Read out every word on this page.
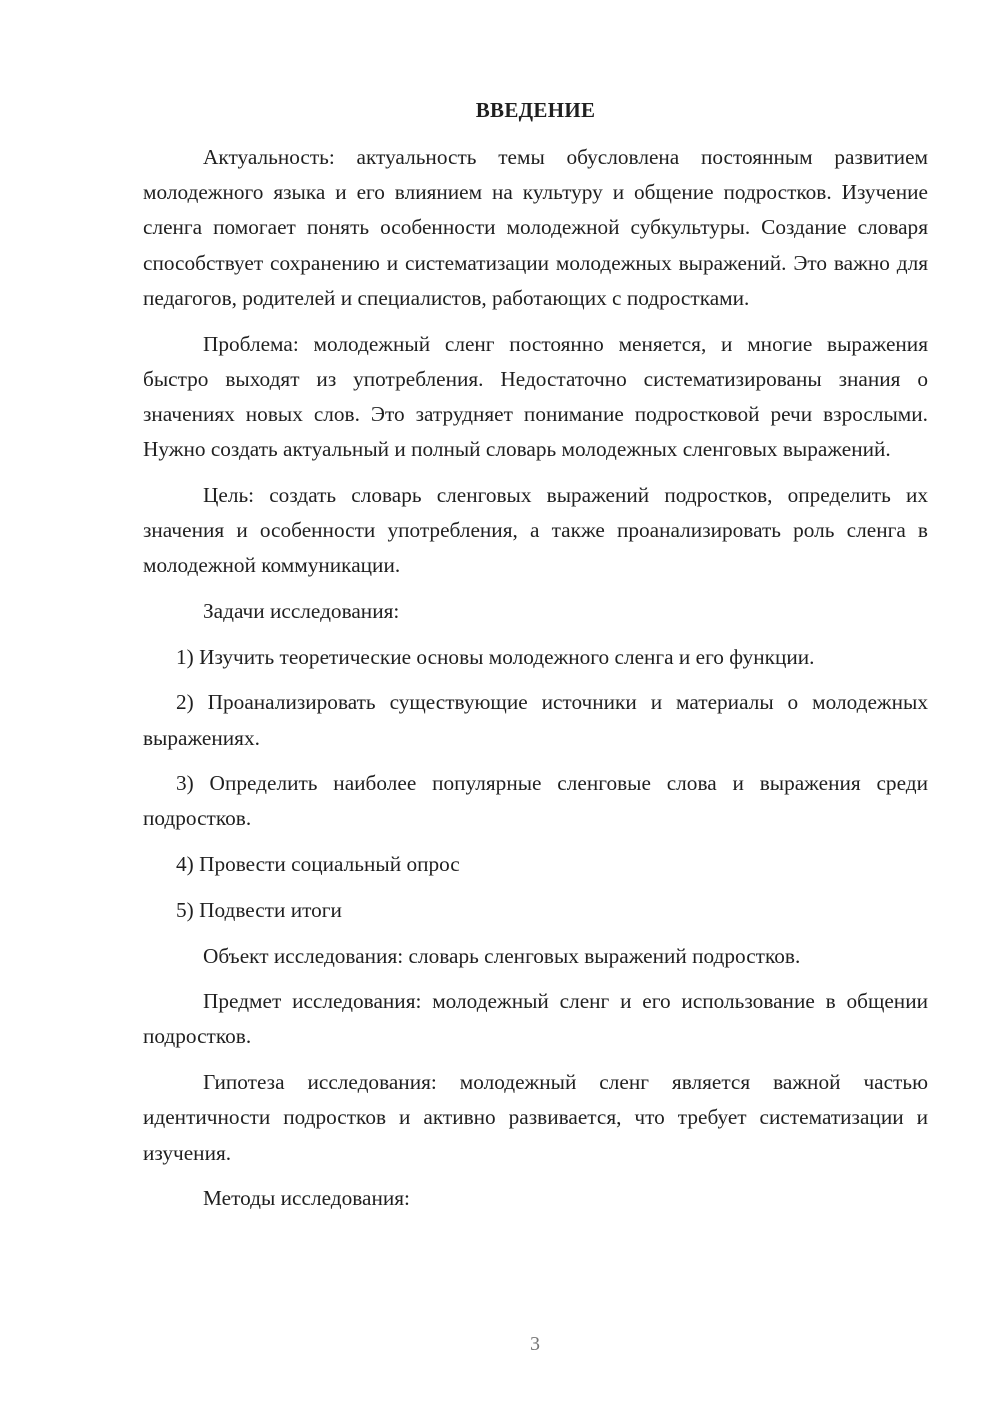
ВВЕДЕНИЕ
Актуальность: актуальность темы обусловлена постоянным развитием молодежного языка и его влиянием на культуру и общение подростков. Изучение сленга помогает понять особенности молодежной субкультуры. Создание словаря способствует сохранению и систематизации молодежных выражений. Это важно для педагогов, родителей и специалистов, работающих с подростками.
Проблема: молодежный сленг постоянно меняется, и многие выражения быстро выходят из употребления. Недостаточно систематизированы знания о значениях новых слов. Это затрудняет понимание подростковой речи взрослыми. Нужно создать актуальный и полный словарь молодежных сленговых выражений.
Цель: создать словарь сленговых выражений подростков, определить их значения и особенности употребления, а также проанализировать роль сленга в молодежной коммуникации.
Задачи исследования:
1) Изучить теоретические основы молодежного сленга и его функции.
2) Проанализировать существующие источники и материалы о молодежных выражениях.
3) Определить наиболее популярные сленговые слова и выражения среди подростков.
4) Провести социальный опрос
5) Подвести итоги
Объект исследования: словарь сленговых выражений подростков.
Предмет исследования: молодежный сленг и его использование в общении подростков.
Гипотеза исследования: молодежный сленг является важной частью идентичности подростков и активно развивается, что требует систематизации и изучения.
Методы исследования:
3
